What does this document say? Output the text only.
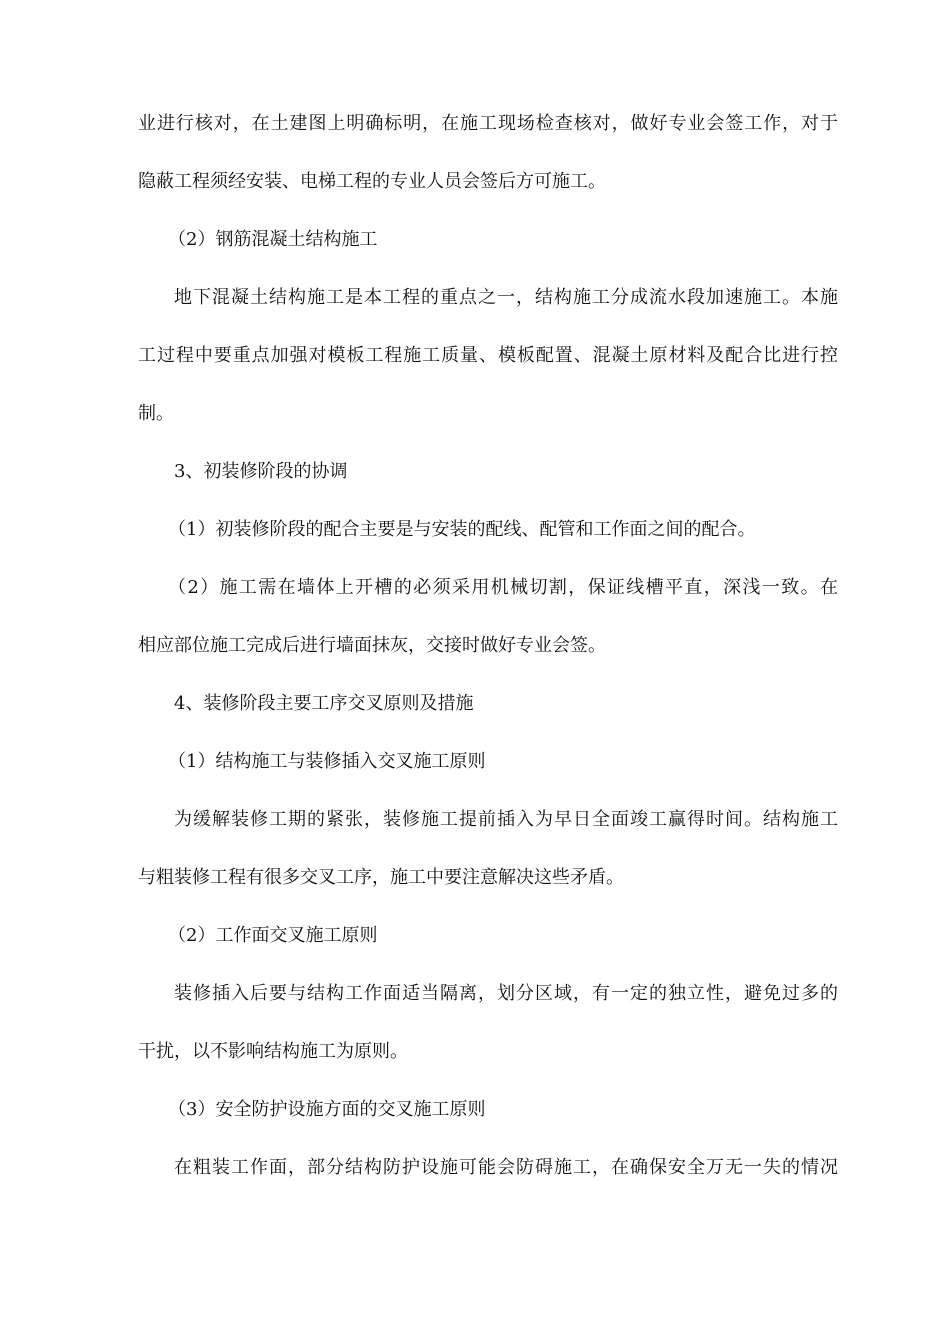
业进行核对，在土建图上明确标明，在施工现场检查核对，做好专业会签工作，对于
隐蔽工程须经安装、电梯工程的专业人员会签后方可施工。
（2）钢筋混凝土结构施工
地下混凝土结构施工是本工程的重点之一，结构施工分成流水段加速施工。本施
工过程中要重点加强对模板工程施工质量、模板配置、混凝土原材料及配合比进行控
制。
3、初装修阶段的协调
（1）初装修阶段的配合主要是与安装的配线、配管和工作面之间的配合。
（2）施工需在墙体上开槽的必须采用机械切割，保证线槽平直，深浅一致。在
相应部位施工完成后进行墙面抹灰，交接时做好专业会签。
4、装修阶段主要工序交叉原则及措施
（1）结构施工与装修插入交叉施工原则
为缓解装修工期的紧张，装修施工提前插入为早日全面竣工赢得时间。结构施工
与粗装修工程有很多交叉工序，施工中要注意解决这些矛盾。
（2）工作面交叉施工原则
装修插入后要与结构工作面适当隔离，划分区域，有一定的独立性，避免过多的
干扰，以不影响结构施工为原则。
（3）安全防护设施方面的交叉施工原则
在粗装工作面，部分结构防护设施可能会防碍施工，在确保安全万无一失的情况
